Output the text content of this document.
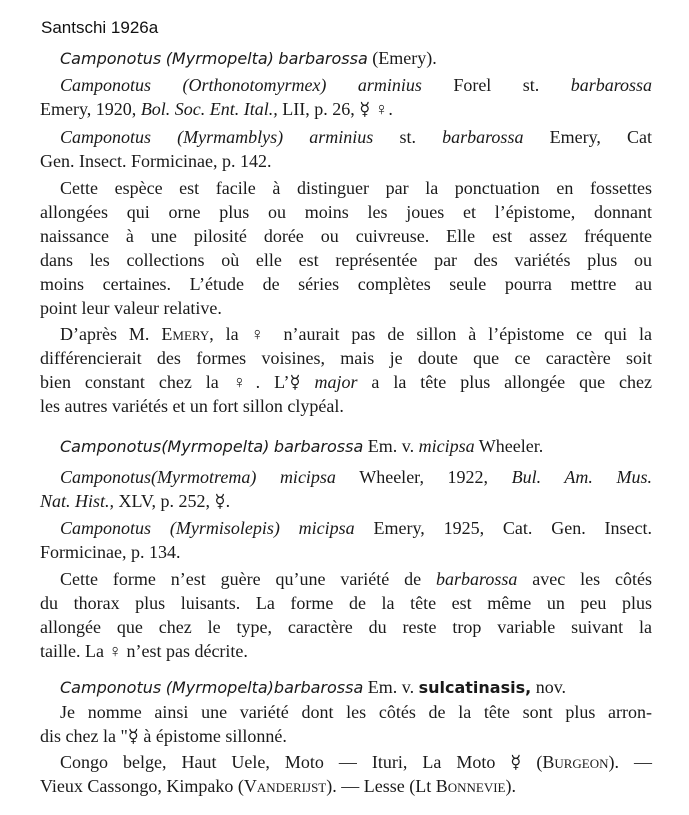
Santschi 1926a
Camponotus (Myrmopelta) barbarossa (Emery).
Camponotus (Orthonotomyrmex) arminius Forel st. barbarossa
Emery, 1920, Bol. Soc. Ent. Ital., LII, p. 26, ☿ ♀.
Camponotus (Myrmamblys) arminius st. barbarossa Emery, Cat
Gen. Insect. Formicinae, p. 142.
Cette espèce est facile à distinguer par la ponctuation en fossettes
allongées qui orne plus ou moins les joues et l’épistome, donnant
naissance à une pilosité dorée ou cuivreuse. Elle est assez fréquente
dans les collections où elle est représentée par des variétés plus ou
moins certaines. L’étude de séries complètes seule pourra mettre au
point leur valeur relative.
D’après M. Emery, la ♀ n’aurait pas de sillon à l’épistome ce qui la
différencierait des formes voisines, mais je doute que ce caractère soit
bien constant chez la ♀. L’☿ major a la tête plus allongée que chez
les autres variétés et un fort sillon clypéal.
Camponotus(Myrmopelta) barbarossa Em. v. micipsa Wheeler.
Camponotus(Myrmotrema) micipsa Wheeler, 1922, Bul. Am. Mus.
Nat. Hist., XLV, p. 252, ☿.
Camponotus (Myrmisolepis) micipsa Emery, 1925, Cat. Gen. Insect.
Formicinae, p. 134.
Cette forme n’est guère qu’une variété de barbarossa avec les côtés
du thorax plus luisants. La forme de la tête est même un peu plus
allongée que chez le type, caractère du reste trop variable suivant la
taille. La ♀ n’est pas décrite.
Camponotus (Myrmopelta)barbarossa Em. v. sulcatinasis, nov.
Je nomme ainsi une variété dont les côtés de la tête sont plus arron-
dis chez la "☿ à épistome sillonné.
Congo belge, Haut Uele, Moto — Ituri, La Moto ☿ (Burgeon). —
Vieux Cassongo, Kimpako (Vanderijst). — Lesse (Lt Bonnevie).
